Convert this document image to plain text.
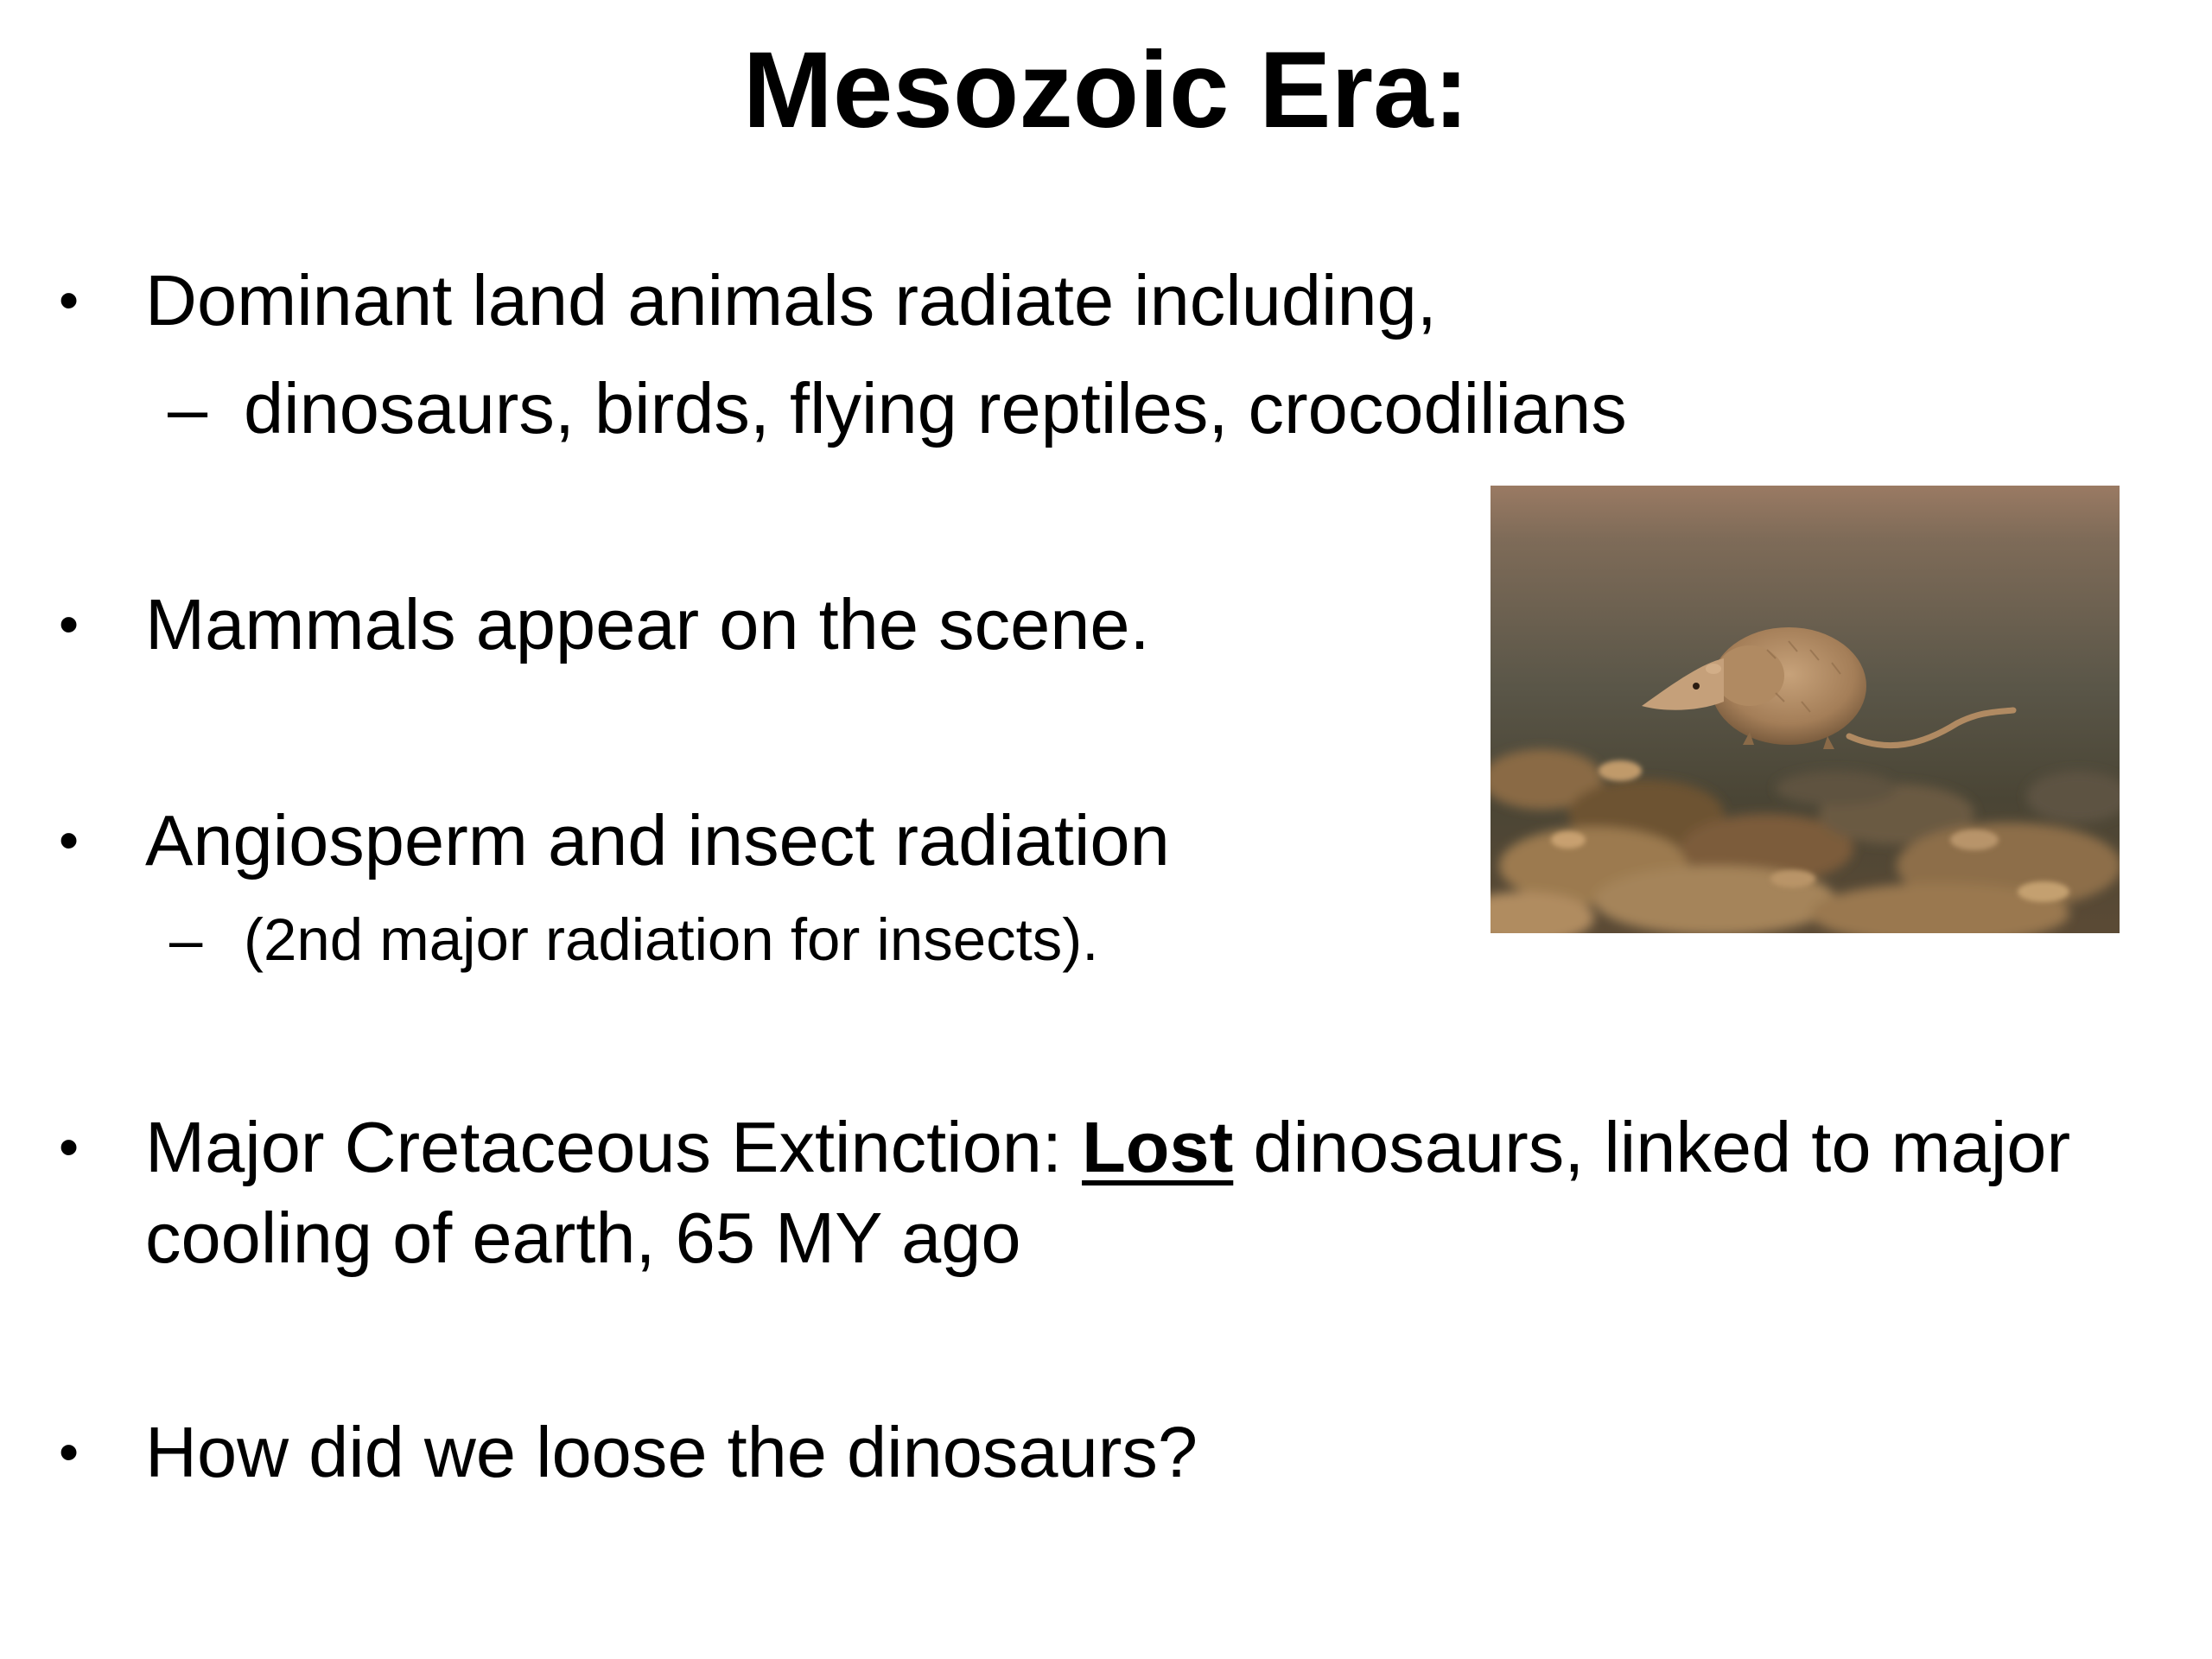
Mesozoic Era:

• Dominant land animals radiate including,

– dinosaurs, birds, flying reptiles, crocodilians

• Mammals appear on the scene.

• Angiosperm and insect radiation

– (2nd major radiation for insects).

• Major Cretaceous Extinction: Lost dinosaurs, linked to major cooling of earth, 65 MY ago

• How did we loose the dinosaurs?
